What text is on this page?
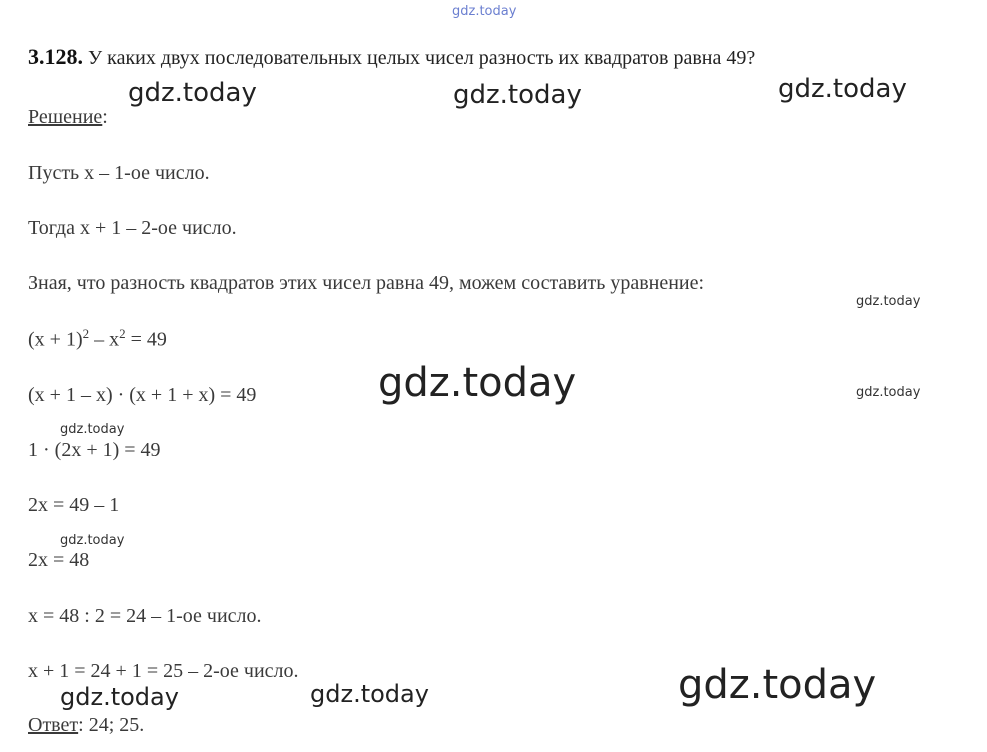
gdz.today
3.128. У каких двух последовательных целых чисел разность их квадратов равна 49?
gdz.today	gdz.today	gdz.today
Решение:
Пусть x – 1-ое число.
Тогда x + 1 – 2-ое число.
Зная, что разность квадратов этих чисел равна 49, можем составить уравнение:
gdz.today
$(x + 1)^2 - x^2 = 49$
gdz.today	gdz.today
(x + 1 – x) · (x + 1 + x) = 49
gdz.today
1 · (2x + 1) = 49
2x = 49 – 1
gdz.today
2x = 48
x = 48 : 2 = 24 – 1-ое число.
x + 1 = 24 + 1 = 25 – 2-ое число.	gdz.today
gdz.today	gdz.today
Ответ: 24; 25.
